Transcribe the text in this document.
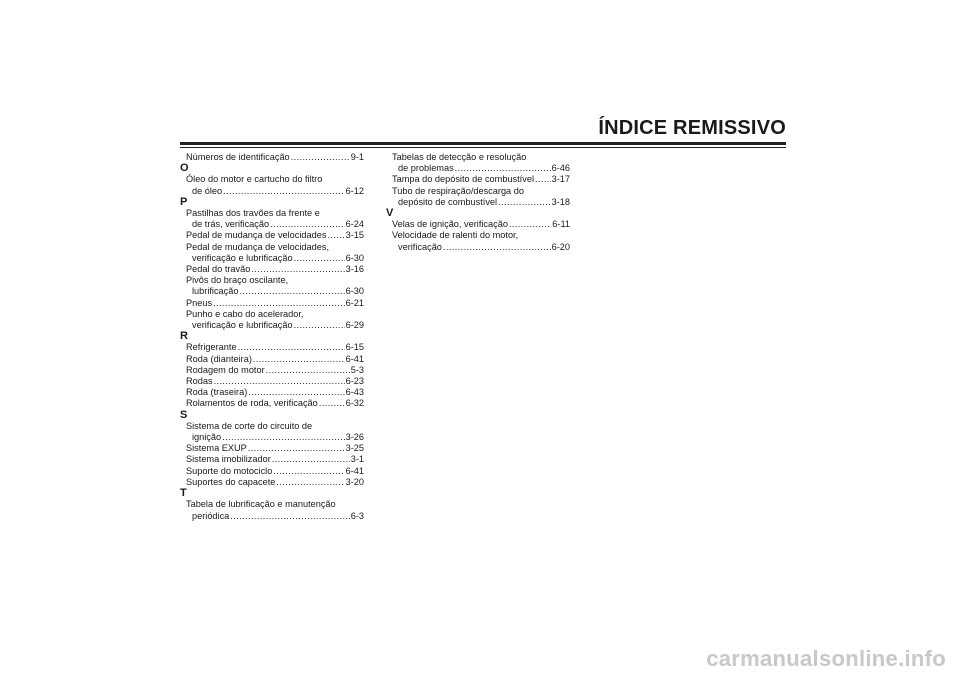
ÍNDICE REMISSIVO
Números de identificação .....	9-1
O
Óleo do motor e cartucho do filtro
de óleo .....	6-12
P
Pastilhas dos travões da frente e
de trás, verificação .....	6-24
Pedal de mudança de velocidades ..... 3-15
Pedal de mudança de velocidades,
verificação e lubrificação .....	6-30
Pedal do travão .....	3-16
Pivôs do braço oscilante,
lubrificação .....	6-30
Pneus .....	6-21
Punho e cabo do acelerador,
verificação e lubrificação .....	6-29
R
Refrigerante .....	6-15
Roda (dianteira) .....	6-41
Rodagem do motor .....	5-3
Rodas .....	6-23
Roda (traseira) .....	6-43
Rolamentos de roda, verificação .....	6-32
S
Sistema de corte do circuito de
ignição .....	3-26
Sistema EXUP .....	3-25
Sistema imobilizador .....	3-1
Suporte do motociclo .....	6-41
Suportes do capacete .....	3-20
T
Tabela de lubrificação e manutenção
periódica .....	6-3
Tabelas de detecção e resolução
de problemas .....	6-46
Tampa do depósito de combustível ..... 3-17
Tubo de respiração/descarga do
depósito de combustível .....	3-18
V
Velas de ignição, verificação .....	6-11
Velocidade de ralenti do motor,
verificação .....	6-20
carmanualsonline.info
